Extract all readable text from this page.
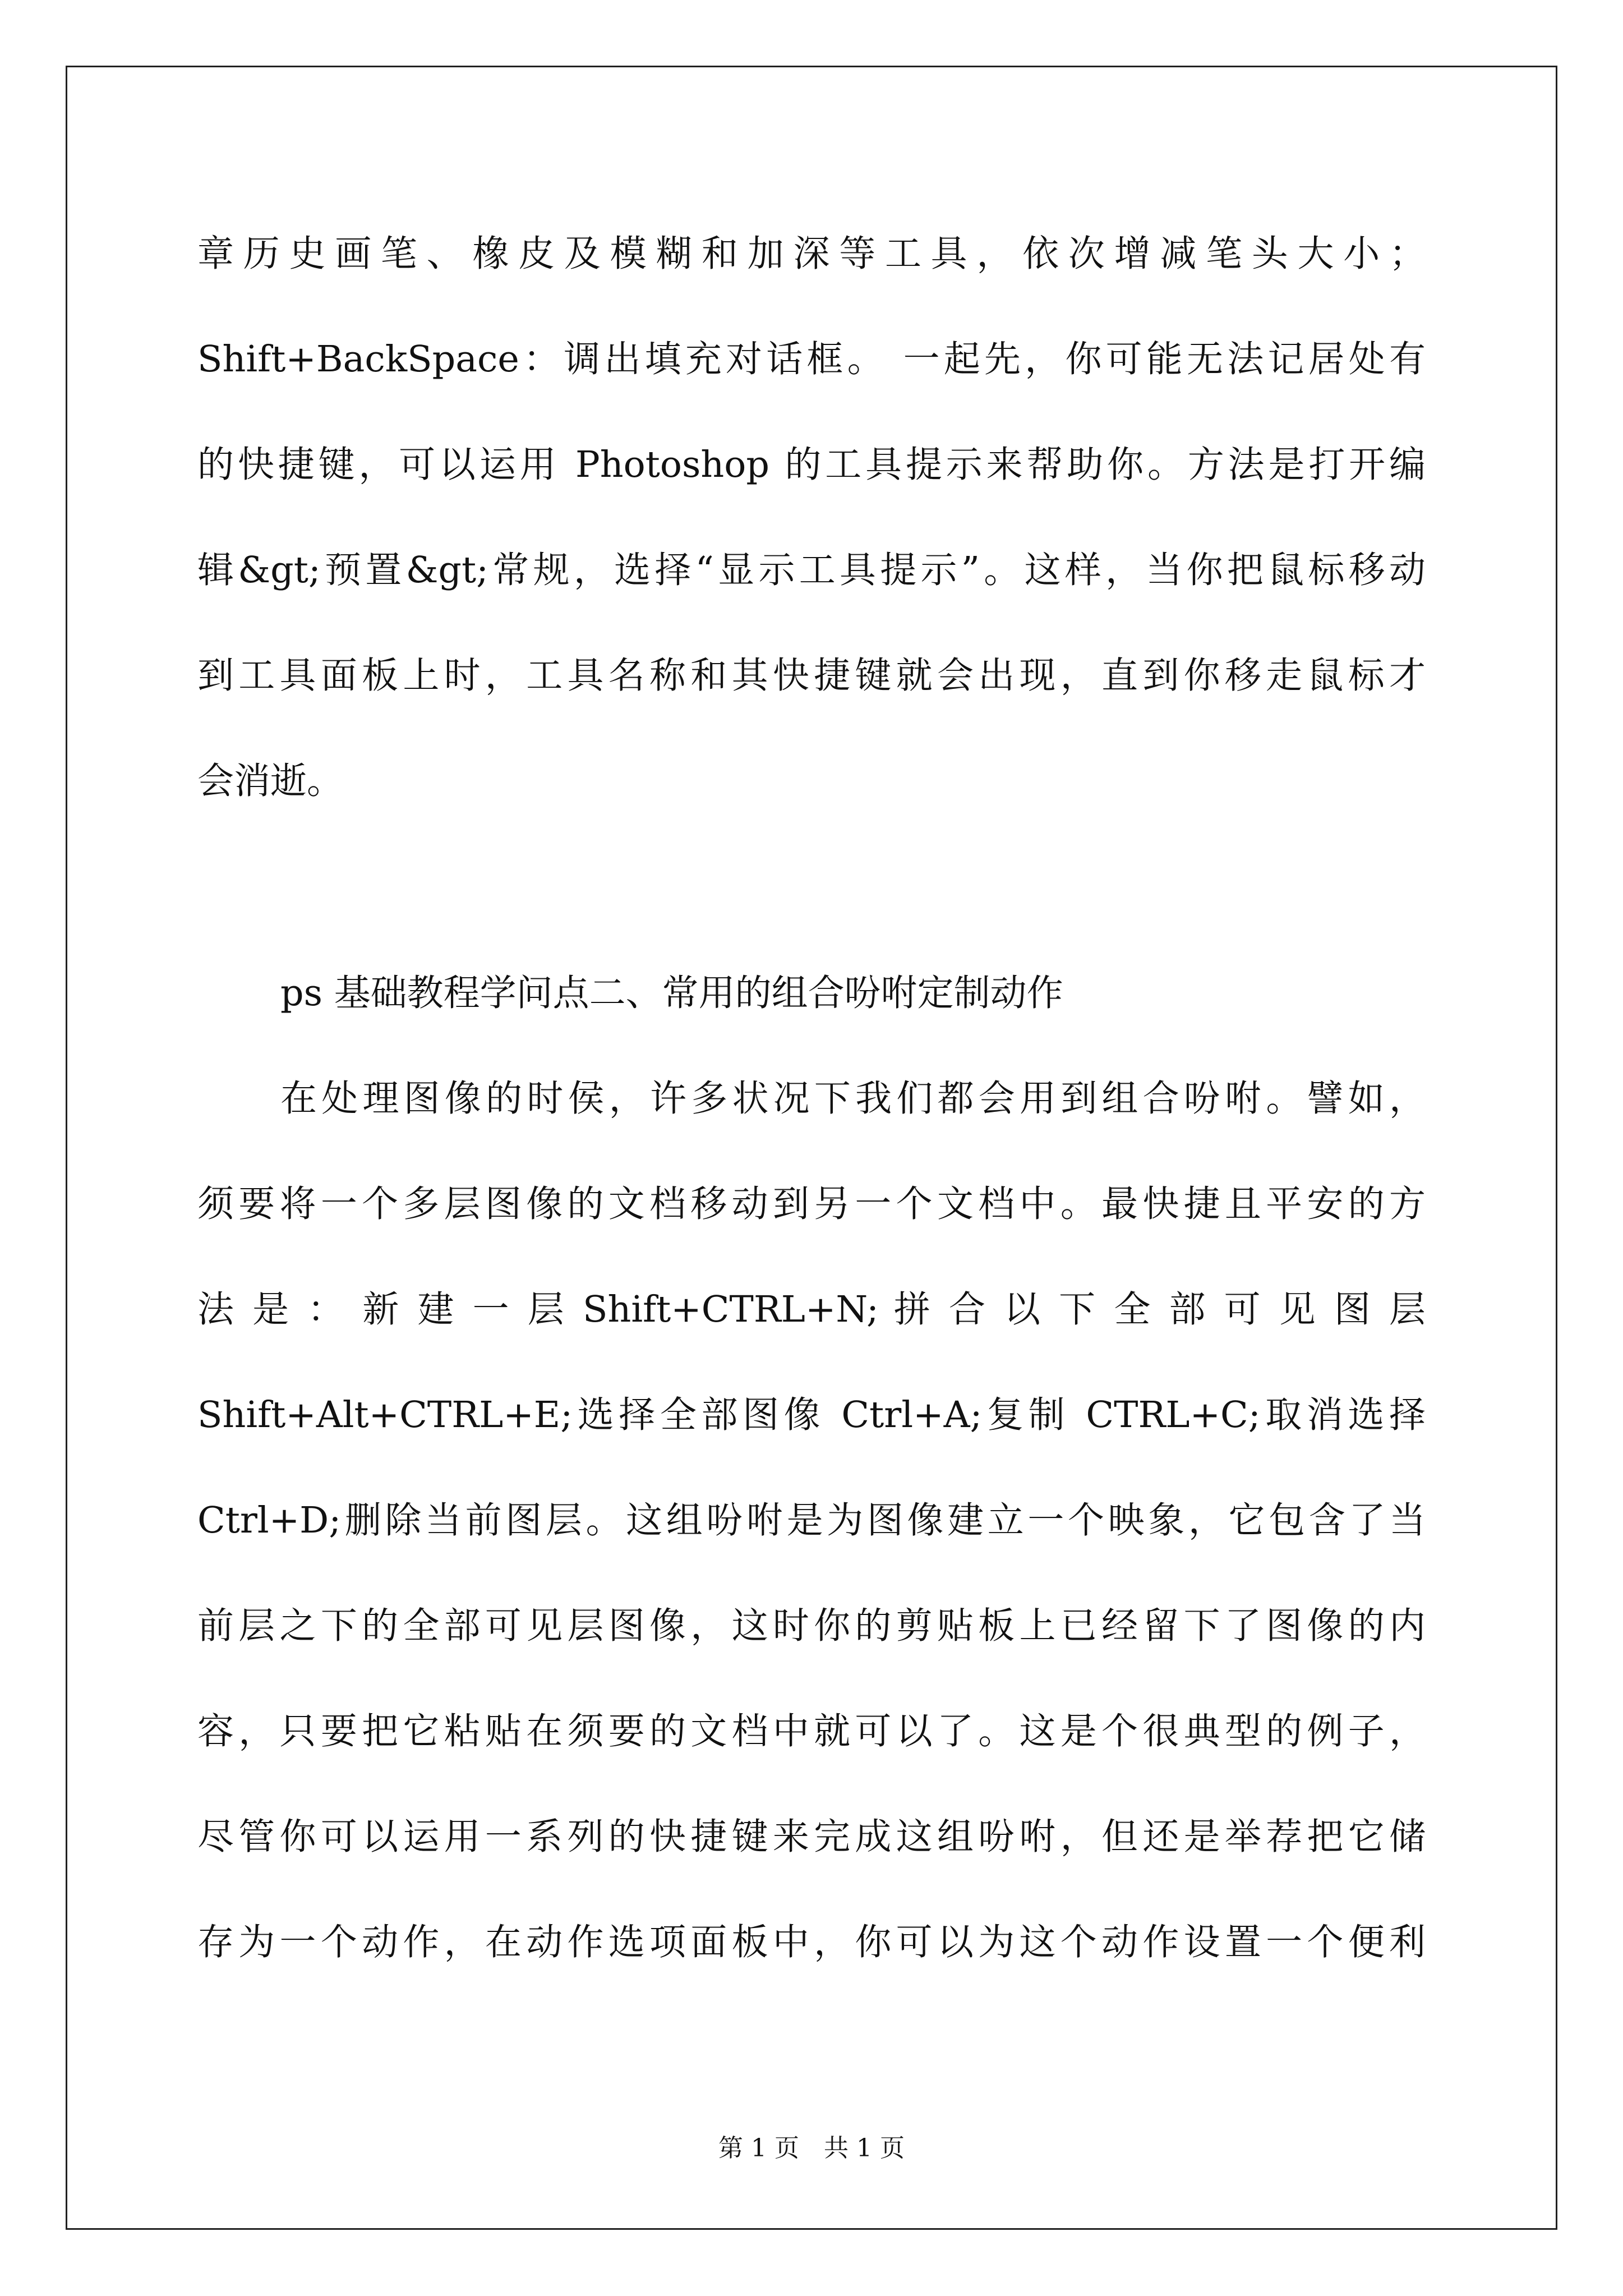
章历史画笔、橡皮及模糊和加深等工具，依次增减笔头大小；
Shift+BackSpace：调出填充对话框。 一起先，你可能无法记居处有
的快捷键，可以运用 Photoshop 的工具提示来帮助你。方法是打开编
辑&gt;预置&gt;常规，选择“显示工具提示”。这样，当你把鼠标移动
到工具面板上时，工具名称和其快捷键就会出现，直到你移走鼠标才
会消逝。
ps 基础教程学问点二、常用的组合吩咐定制动作
在处理图像的时侯，许多状况下我们都会用到组合吩咐。譬如，
须要将一个多层图像的文档移动到另一个文档中。最快捷且平安的方
法 是 ： 新 建 一 层 Shift+CTRL+N; 拼 合 以 下 全 部 可 见 图 层
Shift+Alt+CTRL+E;选择全部图像 Ctrl+A;复制 CTRL+C;取消选择
Ctrl+D;删除当前图层。这组吩咐是为图像建立一个映象，它包含了当
前层之下的全部可见层图像，这时你的剪贴板上已经留下了图像的内
容，只要把它粘贴在须要的文档中就可以了。这是个很典型的例子，
尽管你可以运用一系列的快捷键来完成这组吩咐，但还是举荐把它储
存为一个动作，在动作选项面板中，你可以为这个动作设置一个便利
第 1 页　共 1 页
